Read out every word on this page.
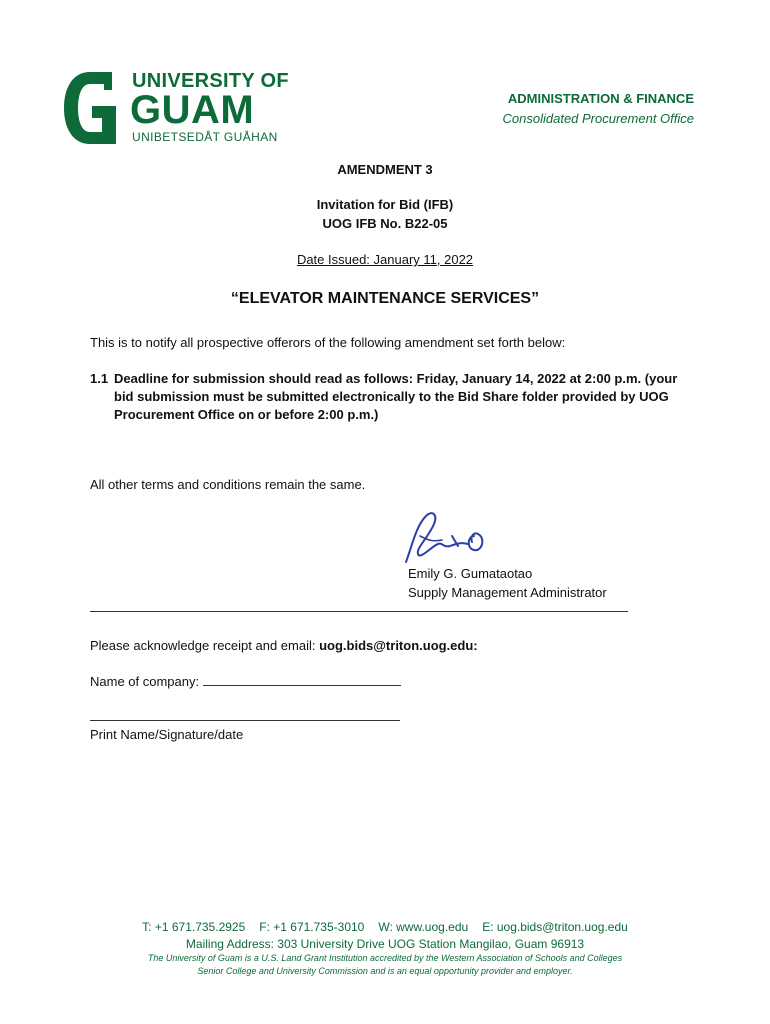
UNIVERSITY OF
GUAM
UNIBETSEDÅT GUÅHAN
ADMINISTRATION & FINANCE
Consolidated Procurement Office
AMENDMENT 3
Invitation for Bid (IFB)
UOG IFB No. B22-05
Date Issued: January 11, 2022
“ELEVATOR MAINTENANCE SERVICES”
This is to notify all prospective offerors of the following amendment set forth below:
1.1 Deadline for submission should read as follows: Friday, January 14, 2022 at 2:00 p.m. (your bid submission must be submitted electronically to the Bid Share folder provided by UOG Procurement Office on or before 2:00 p.m.)
All other terms and conditions remain the same.
Emily G. Gumataotao
Supply Management Administrator
Please acknowledge receipt and email: uog.bids@triton.uog.edu:
Name of company:
Print Name/Signature/date
T: +1 671.735.2925 F: +1 671.735-3010 W: www.uog.edu E: uog.bids@triton.uog.edu
Mailing Address: 303 University Drive UOG Station Mangilao, Guam 96913
The University of Guam is a U.S. Land Grant Institution accredited by the Western Association of Schools and Colleges
Senior College and University Commission and is an equal opportunity provider and employer.
